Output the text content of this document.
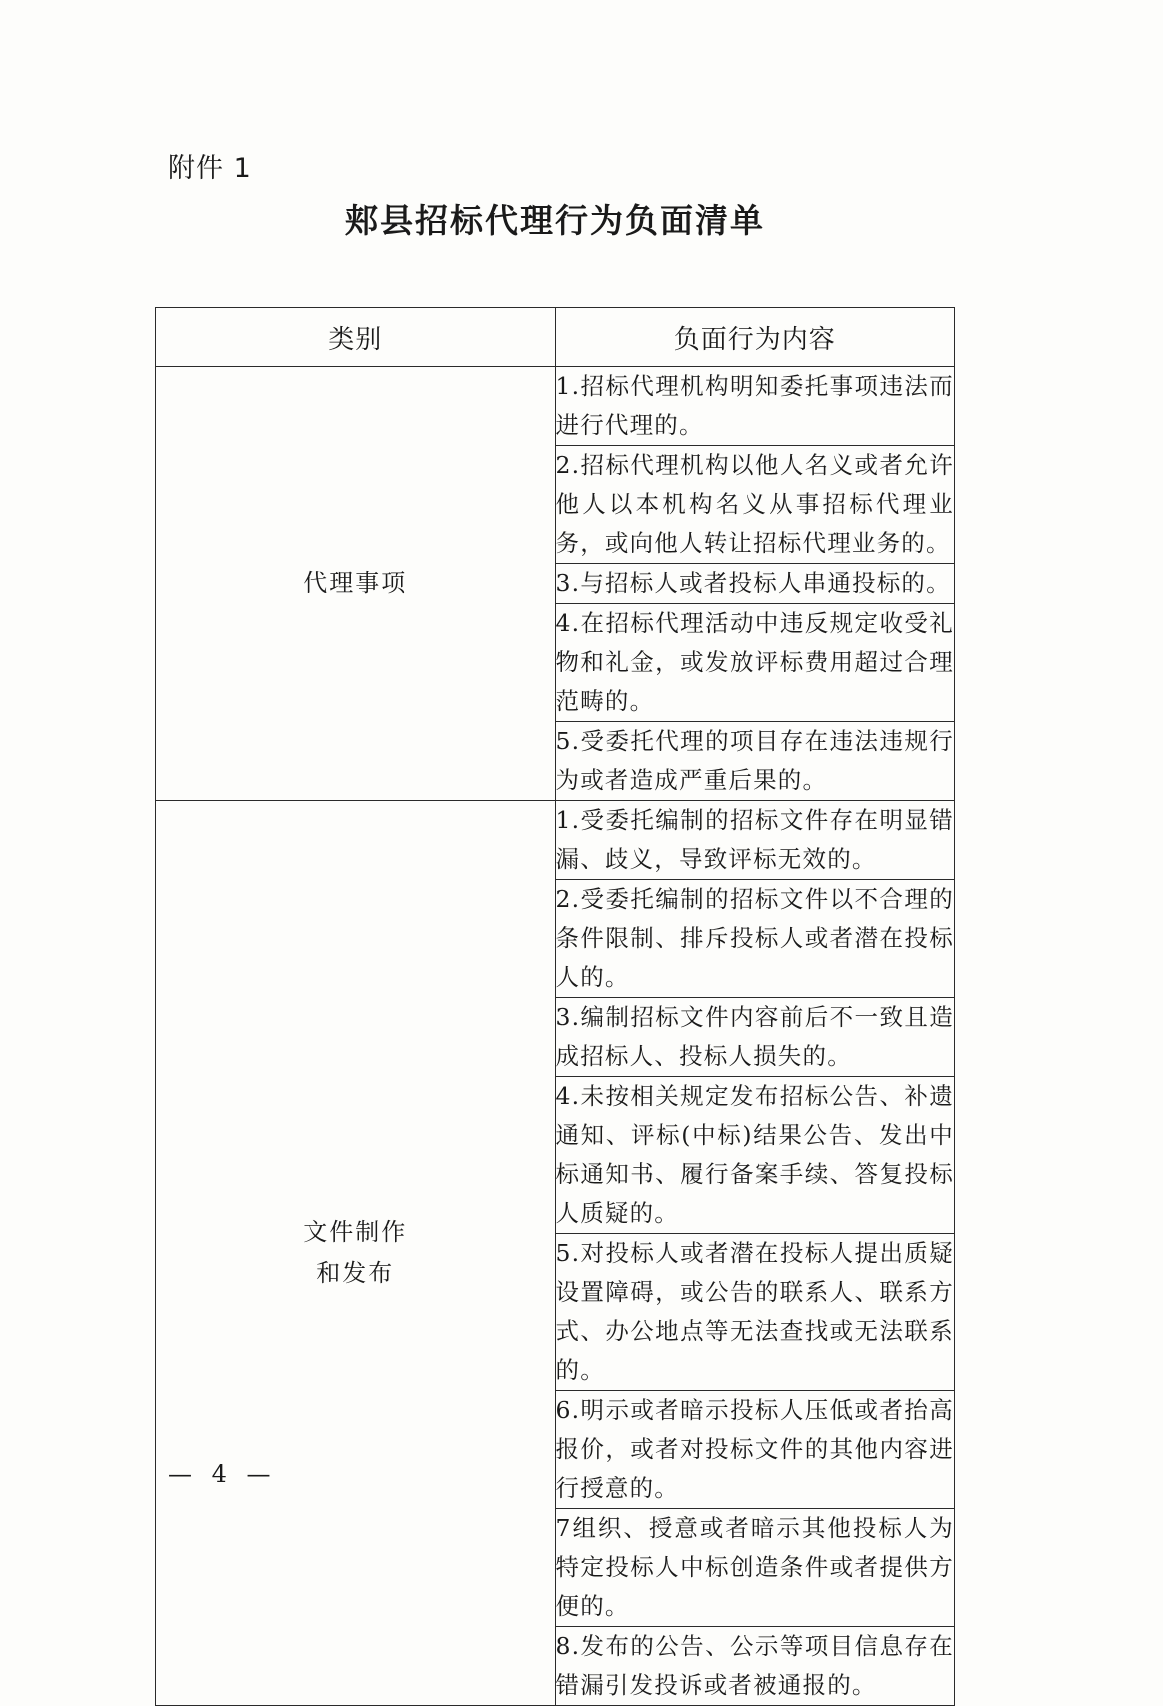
附件 1
郏县招标代理行为负面清单
类别	负面行为内容

代理事项	1.招标代理机构明知委托事项违法而进行代理的。
	2.招标代理机构以他人名义或者允许他人以本机构名义从事招标代理业务，或向他人转让招标代理业务的。
	3.与招标人或者投标人串通投标的。
	4.在招标代理活动中违反规定收受礼物和礼金，或发放评标费用超过合理范畴的。
	5.受委托代理的项目存在违法违规行为或者造成严重后果的。

文件制作
和发布	1.受委托编制的招标文件存在明显错漏、歧义，导致评标无效的。
	2.受委托编制的招标文件以不合理的条件限制、排斥投标人或者潜在投标人的。
	3.编制招标文件内容前后不一致且造成招标人、投标人损失的。
	4.未按相关规定发布招标公告、补遗通知、评标(中标)结果公告、发出中标通知书、履行备案手续、答复投标人质疑的。
	5.对投标人或者潜在投标人提出质疑设置障碍，或公告的联系人、联系方式、办公地点等无法查找或无法联系的。
	6.明示或者暗示投标人压低或者抬高报价，或者对投标文件的其他内容进行授意的。
	7组织、授意或者暗示其他投标人为特定投标人中标创造条件或者提供方便的。
	8.发布的公告、公示等项目信息存在错漏引发投诉或者被通报的。
— 4 —
